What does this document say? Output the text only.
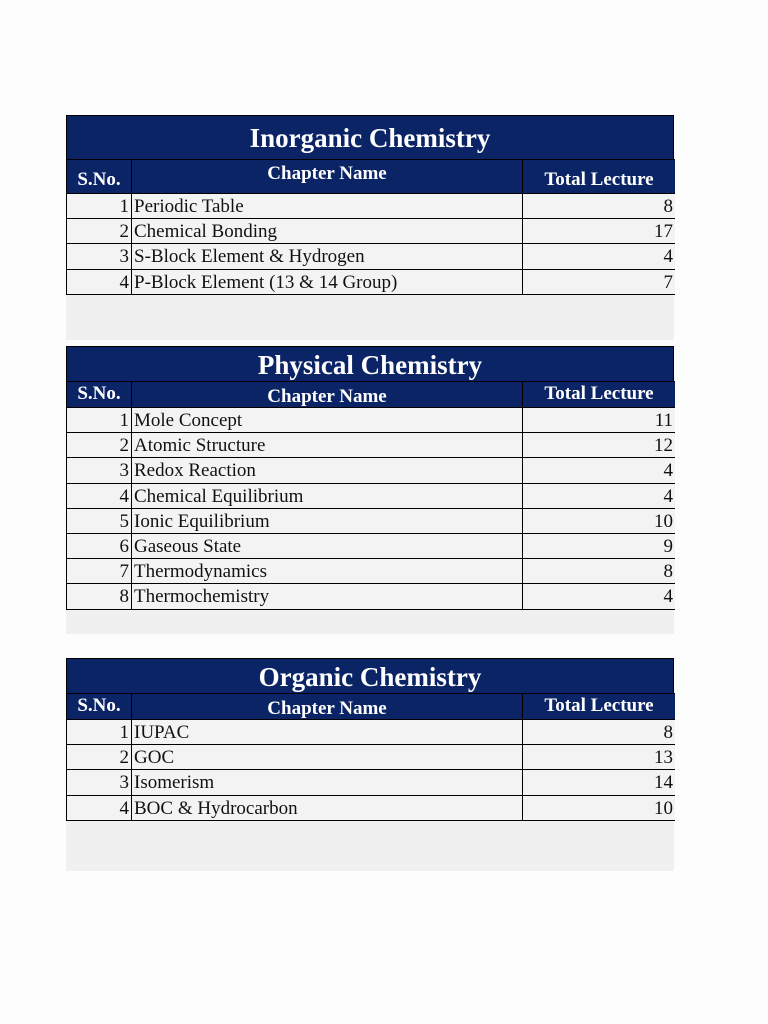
Inorganic Chemistry
S.No.	Chapter Name	Total Lecture
1 Periodic Table	8
2 Chemical Bonding	17
3 S-Block Element & Hydrogen	4
4 P-Block Element (13 & 14 Group)	7
Physical Chemistry
S.No.	Chapter Name	Total Lecture
1 Mole Concept	11
2 Atomic Structure	12
3 Redox Reaction	4
4 Chemical Equilibrium	4
5 Ionic Equilibrium	10
6 Gaseous State	9
7 Thermodynamics	8
8 Thermochemistry	4
Organic Chemistry
S.No.	Chapter Name	Total Lecture
1 IUPAC	8
2 GOC	13
3 Isomerism	14
4 BOC & Hydrocarbon	10
